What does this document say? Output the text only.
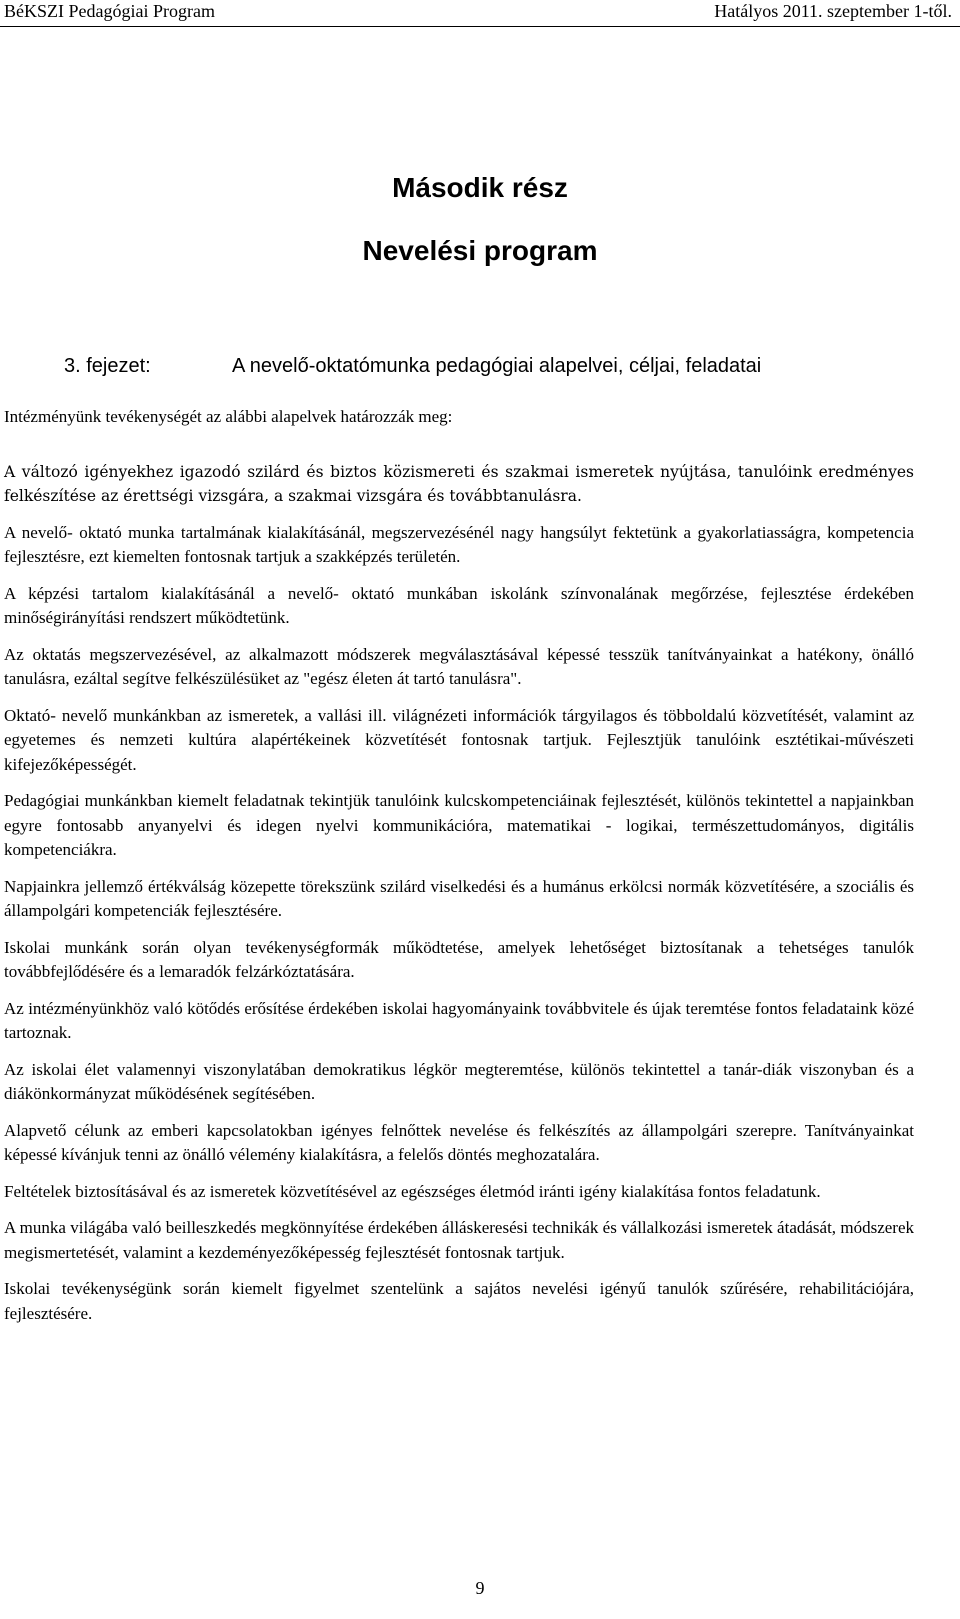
BéKSZI Pedagógiai Program	Hatályos 2011. szeptember 1-től.
Második rész
Nevelési program
3. fejezet:	A nevelő-oktatómunka pedagógiai alapelvei, céljai, feladatai

Intézményünk tevékenységét az alábbi alapelvek határozzák meg:

A változó igényekhez igazodó szilárd és biztos közismereti és szakmai ismeretek nyújtása, tanulóink eredményes felkészítése az érettségi vizsgára, a szakmai vizsgára és továbbtanulásra.

A nevelő- oktató munka tartalmának kialakításánál, megszervezésénél nagy hangsúlyt fektetünk a gyakorlatiasságra, kompetencia fejlesztésre, ezt kiemelten fontosnak tartjuk a szakképzés területén.

A képzési tartalom kialakításánál a nevelő- oktató munkában iskolánk színvonalának megőrzése, fejlesztése érdekében minőségirányítási rendszert működtetünk.

Az oktatás megszervezésével, az alkalmazott módszerek megválasztásával képessé tesszük tanítványainkat a hatékony, önálló tanulásra, ezáltal segítve felkészülésüket az "egész életen át tartó tanulásra".

Oktató- nevelő munkánkban az ismeretek, a vallási ill. világnézeti információk tárgyilagos és többoldalú közvetítését, valamint az egyetemes és nemzeti kultúra alapértékeinek közvetítését fontosnak tartjuk. Fejlesztjük tanulóink esztétikai-művészeti kifejezőképességét.

Pedagógiai munkánkban kiemelt feladatnak tekintjük tanulóink kulcskompetenciáinak fejlesztését, különös tekintettel a napjainkban egyre fontosabb anyanyelvi és idegen nyelvi kommunikációra, matematikai - logikai, természettudományos, digitális kompetenciákra.

Napjainkra jellemző értékválság közepette törekszünk szilárd viselkedési és a humánus erkölcsi normák közvetítésére, a szociális és állampolgári kompetenciák fejlesztésére.

Iskolai munkánk során olyan tevékenységformák működtetése, amelyek lehetőséget biztosítanak a tehetséges tanulók továbbfejlődésére és a lemaradók felzárkóztatására.

Az intézményünkhöz való kötődés erősítése érdekében iskolai hagyományaink továbbvitele és újak teremtése fontos feladataink közé tartoznak.

Az iskolai élet valamennyi viszonylatában demokratikus légkör megteremtése, különös tekintettel a tanár-diák viszonyban és a diákönkormányzat működésének segítésében.

Alapvető célunk az emberi kapcsolatokban igényes felnőttek nevelése és felkészítés az állampolgári szerepre. Tanítványainkat képessé kívánjuk tenni az önálló vélemény kialakításra, a felelős döntés meghozatalára.

Feltételek biztosításával és az ismeretek közvetítésével az egészséges életmód iránti igény kialakítása fontos feladatunk.

A munka világába való beilleszkedés megkönnyítése érdekében álláskeresési technikák és vállalkozási ismeretek átadását, módszerek megismertetését, valamint a kezdeményezőképesség fejlesztését fontosnak tartjuk.

Iskolai tevékenységünk során kiemelt figyelmet szentelünk a sajátos nevelési igényű tanulók szűrésére, rehabilitációjára, fejlesztésére.

9
